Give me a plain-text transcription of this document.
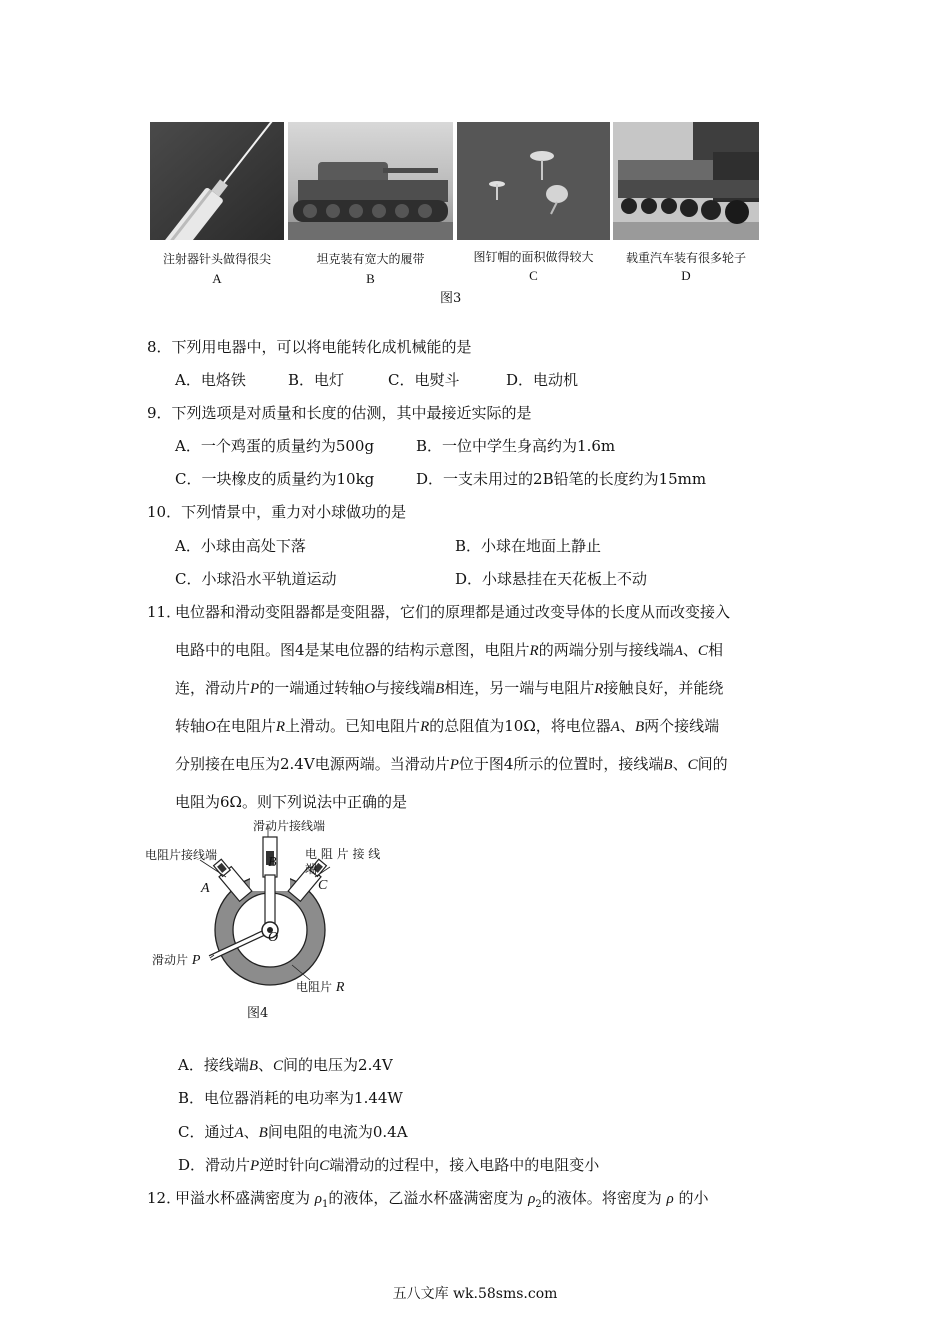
注射器针头做得很尖
A
坦克装有宽大的履带
B
图钉帽的面积做得较大
C
载重汽车装有很多轮子
D
图3
8．下列用电器中，可以将电能转化成机械能的是
A．电烙铁	B．电灯	C．电熨斗	D．电动机
9．下列选项是对质量和长度的估测，其中最接近实际的是
A．一个鸡蛋的质量约为500g	B．一位中学生身高约为1.6m
C．一块橡皮的质量约为10kg	D．一支未用过的2B铅笔的长度约为15mm
10．下列情景中，重力对小球做功的是
A．小球由高处下落	B．小球在地面上静止
C．小球沿水平轨道运动	D．小球悬挂在天花板上不动
11．
电位器和滑动变阻器都是变阻器，它们的原理都是通过改变导体的长度从而改变接入
电路中的电阻。图4是某电位器的结构示意图，电阻片R的两端分别与接线端A、C相
连，滑动片P的一端通过转轴O与接线端B相连，另一端与电阻片R接触良好，并能绕
转轴O在电阻片R上滑动。已知电阻片R的总阻值为10Ω，将电位器A、B两个接线端
分别接在电压为2.4V电源两端。当滑动片P位于图4所示的位置时，接线端B、C间的
电阻为6Ω。则下列说法中正确的是
滑动片接线端
电阻片接线端	电 阻 片 接 线
端
B
A	C
O
滑动片 P
电阻片 R
图4
A．接线端B、C间的电压为2.4V
B．电位器消耗的电功率为1.44W
C．通过A、B间电阻的电流为0.4A
D．滑动片P逆时针向C端滑动的过程中，接入电路中的电阻变小
12．
甲溢水杯盛满密度为 $\rho_1$的液体，乙溢水杯盛满密度为 $\rho_2$的液体。将密度为 ρ 的小
五八文库 wk.58sms.com
